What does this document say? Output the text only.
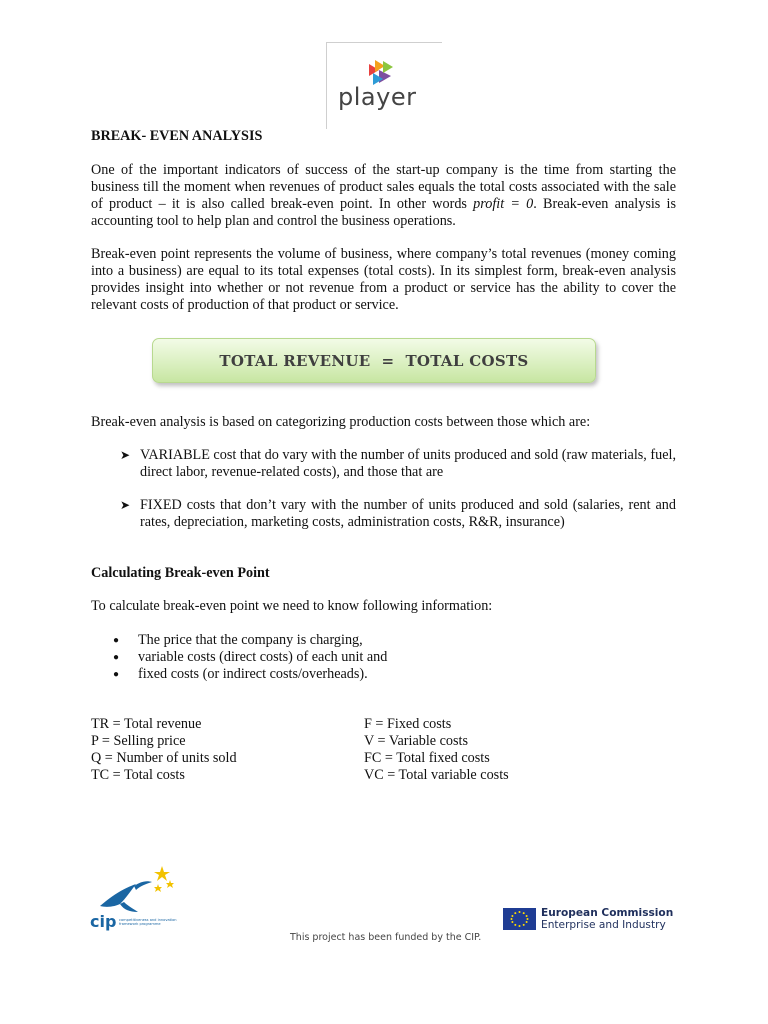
player
BREAK- EVEN ANALYSIS
One of the important indicators of success of the start-up company is the time from starting the business till the moment when revenues of product sales equals the total costs associated with the sale of product – it is also called break-even point. In other words profit = 0. Break-even analysis is accounting tool to help plan and control the business operations.
Break-even point represents the volume of business, where company’s total revenues (money coming into a business) are equal to its total expenses (total costs). In its simplest form, break-even analysis provides insight into whether or not revenue from a product or service has the ability to cover the relevant costs of production of that product or service.
TOTAL REVENUE  =  TOTAL COSTS
Break-even analysis is based on categorizing production costs between those which are:
➤ VARIABLE cost that do vary with the number of units produced and sold (raw materials, fuel, direct labor, revenue-related costs), and those that are
➤ FIXED costs that don’t vary with the number of units produced and sold (salaries, rent and rates, depreciation, marketing costs, administration costs, R&R, insurance)
Calculating Break-even Point
To calculate break-even point we need to know following information:
● The price that the company is charging,
● variable costs (direct costs) of each unit and
● fixed costs (or indirect costs/overheads).
TR = Total revenue
P = Selling price
Q = Number of units sold
TC = Total costs
F = Fixed costs
V = Variable costs
FC = Total fixed costs
VC = Total variable costs
cip competitiveness and innovation framework programme
This project has been funded by the CIP.
European Commission
Enterprise and Industry
